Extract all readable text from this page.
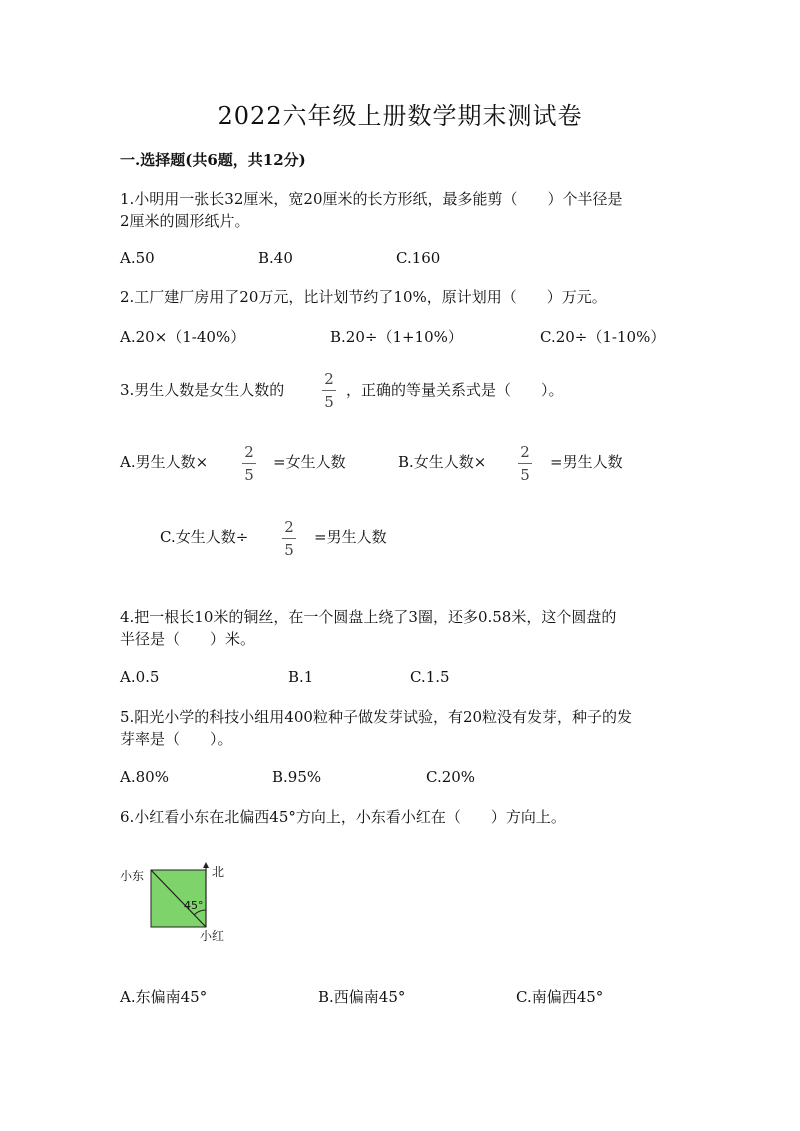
2022六年级上册数学期末测试卷
一.选择题(共6题，共12分)
1.小明用一张长32厘米，宽20厘米的长方形纸，最多能剪（　　）个半径是
2厘米的圆形纸片。
A.50	B.40	C.160
2.工厂建厂房用了20万元，比计划节约了10%，原计划用（　　）万元。
A.20×（1-40%）	B.20÷（1+10%）	C.20÷（1-10%）
3.男生人数是女生人数的
2
5
，正确的等量关系式是（　　）。
A.男生人数×
2
5
=女生人数	B.女生人数×
2
5
=男生人数
C.女生人数÷
2
5
=男生人数
4.把一根长10米的铜丝，在一个圆盘上绕了3圈，还多0.58米，这个圆盘的
半径是（　　）米。
A.0.5	B.1	C.1.5
5.阳光小学的科技小组用400粒种子做发芽试验，有20粒没有发芽，种子的发
芽率是（　　）。
A.80%	B.95%	C.20%
6.小红看小东在北偏西45°方向上，小东看小红在（　　）方向上。
小东	北
45°
小红
A.东偏南45°	B.西偏南45°	C.南偏西45°
